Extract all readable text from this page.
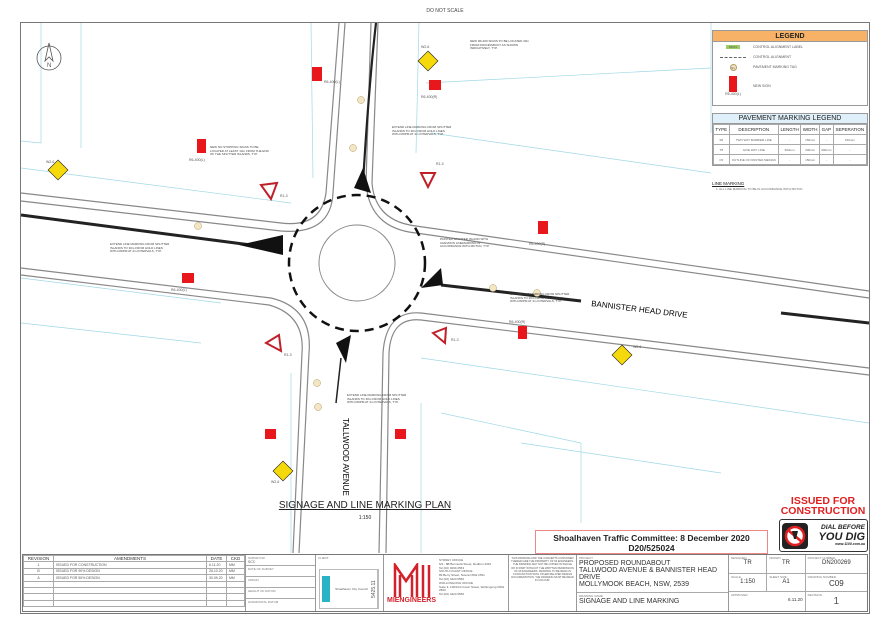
DO NOT SCALE
BANNISTER HEAD DRIVE
TALLWOOD AVENUE
N
R6-400(L)
R6-400(R)
R6-400(L)
R6-400(R)
R6-400(L)
R6-400(R)
R1-3
R1-3
R1-3
R1-3
W2-6
W2-6
W2-6
W2-6
NEW R6-400 SIGNS TO BE LOCATED 30m FROM ROUNDABOUT AS SHOWN INDICATIVELY, TYP.
NEW NO STOPPING SIGNS TO BE LOCATED AT LEAST 10m FROM THE END OF THE SPLITTER ISLANDS, TYP.
EXTEND LINE MARKING FROM SPLITTER ISLANDS TO 30m FROM HOLD LINES WITH RRPM AT 4m INTERVALS, TYP.
PAINTED SPLITTER ISLAND WITH CHEVRON LINEMARKING IN ACCORDANCE WITH MUTCD, TYP.
EXTEND LINE MARKING FROM SPLITTER ISLANDS TO 30m FROM HOLD LINES WITH RRPM AT 4m INTERVALS, TYP.
EXTEND LINE MARKING FROM SPLITTER ISLANDS TO 30m FROM HOLD LINES WITH RRPM AT 4m INTERVALS, TYP.
EXTEND LINE MARKING FROM SPLITTER ISLANDS TO 30m FROM HOLD LINES WITH RRPM AT 4m INTERVALS, TYP.
SIGNAGE AND LINE MARKING PLAN
1:150
LEGEND
MC01	CONTROL ALIGNMENT LABEL
CONTROL ALIGNMENT
S1	PAVEMENT MARKING TAG
R5-400(L)
NEW SIGN
PAVEMENT MARKING LEGEND
TYPE	DESCRIPTION	LENGTH	WIDTH	GAP	SEPERATION
S8	TWO WAY BARRIER LINE	-	150mm	-	150mm
T8	GIVE WAY LINE	600mm	300mm	600mm	-
C5	OUTLINE OF PAINTED MEDIAN	-	150mm	-	-
LINE MARKING
1. ALL LINE MARKING TO BE IN ACCORDANCE WITH MUTCD
ISSUED FOR CONSTRUCTION
DIAL BEFORE
YOU DIG
www.1100.com.au
Shoalhaven Traffic Committee: 8 December 2020
D20/525024
REVISION	AMENDMENTS	DATE	CKD
1	ISSUED FOR CONSTRUCTION	6.11.20	MM
B	ISSUED FOR 90% DESIGN	26.10.20	MM
A	ISSUED FOR 50% DESIGN	30.09.20	MM

SURVEYOR
SCC
DATE OF SURVEY
ORIGIN
HEIGHT OF DATUM
HORIZONTAL DATUM
CLIENT
Shoalhaven City Council 5425.11
MIENGINEERS
SYDNEY OFFICE
6/4 - 8B Bermuda Street, Redfern 2016
Tel (02) 9299 2563
SOUTH COAST OFFICE
89 Berry Street, Nowra NSW 2541
Tel (02) 4423 0566
WOLLONGONG OFFICE
Suite 3, 118/134 Crown Street, Wollongong NSW 2500
Tel (02) 4423 0566
THIS DRAWING AND THE CONCEPTS CONTAINED THEREIN ARE THE PROPERTY OF MI ENGINEERS. THE DRAWING MAY NOT BE COPIED IN WHOLE OR IN PART WITHOUT THE WRITTEN PERMISSION OF MI ENGINEERS. DRAWING TO BE READ IN CONJUNCTION WITH OTHER RELATED DESIGN DOCUMENTATION. THE DRAWING MUST BE READ IN COLOUR.
PROJECT
PROPOSED ROUNDABOUT
TALLWOOD AVENUE & BANNISTER HEAD DRIVE
MOLLYMOOK BEACH, NSW, 2539
DRAWING NAME
SIGNAGE AND LINE MARKING
DESIGNED
TR
DRAWN
TR
PROJECT NUMBER
DN200269
SCALE
1:150
SHEET SIZE
A1
DRAWING NUMBER
C09
APPROVED
6.11.20
REVISION
1
